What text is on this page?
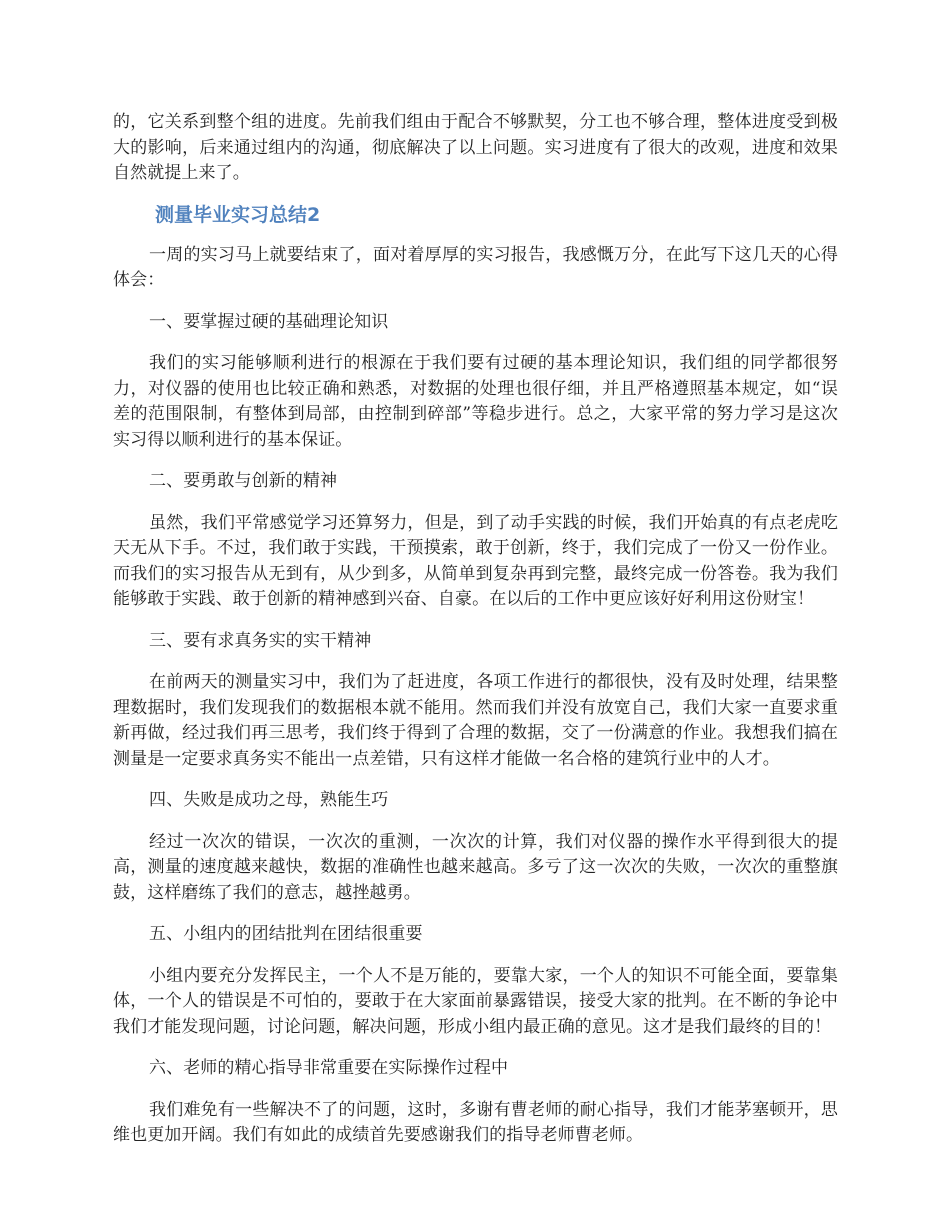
的，它关系到整个组的进度。先前我们组由于配合不够默契，分工也不够合理，整体进度受到极大的影响，后来通过组内的沟通，彻底解决了以上问题。实习进度有了很大的改观，进度和效果自然就提上来了。

测量毕业实习总结2

一周的实习马上就要结束了，面对着厚厚的实习报告，我感慨万分，在此写下这几天的心得体会：

一、要掌握过硬的基础理论知识

我们的实习能够顺利进行的根源在于我们要有过硬的基本理论知识，我们组的同学都很努力，对仪器的使用也比较正确和熟悉，对数据的处理也很仔细，并且严格遵照基本规定，如“误差的范围限制，有整体到局部，由控制到碎部”等稳步进行。总之，大家平常的努力学习是这次实习得以顺利进行的基本保证。

二、要勇敢与创新的精神

虽然，我们平常感觉学习还算努力，但是，到了动手实践的时候，我们开始真的有点老虎吃天无从下手。不过，我们敢于实践，干预摸索，敢于创新，终于，我们完成了一份又一份作业。而我们的实习报告从无到有，从少到多，从简单到复杂再到完整，最终完成一份答卷。我为我们能够敢于实践、敢于创新的精神感到兴奋、自豪。在以后的工作中更应该好好利用这份财宝！

三、要有求真务实的实干精神

在前两天的测量实习中，我们为了赶进度，各项工作进行的都很快，没有及时处理，结果整理数据时，我们发现我们的数据根本就不能用。然而我们并没有放宽自己，我们大家一直要求重新再做，经过我们再三思考，我们终于得到了合理的数据，交了一份满意的作业。我想我们搞在测量是一定要求真务实不能出一点差错，只有这样才能做一名合格的建筑行业中的人才。

四、失败是成功之母，熟能生巧

经过一次次的错误，一次次的重测，一次次的计算，我们对仪器的操作水平得到很大的提高，测量的速度越来越快，数据的准确性也越来越高。多亏了这一次次的失败，一次次的重整旗鼓，这样磨练了我们的意志，越挫越勇。

五、小组内的团结批判在团结很重要

小组内要充分发挥民主，一个人不是万能的，要靠大家，一个人的知识不可能全面，要靠集体，一个人的错误是不可怕的，要敢于在大家面前暴露错误，接受大家的批判。在不断的争论中我们才能发现问题，讨论问题，解决问题，形成小组内最正确的意见。这才是我们最终的目的！

六、老师的精心指导非常重要在实际操作过程中

我们难免有一些解决不了的问题，这时，多谢有曹老师的耐心指导，我们才能茅塞顿开，思维也更加开阔。我们有如此的成绩首先要感谢我们的指导老师曹老师。
